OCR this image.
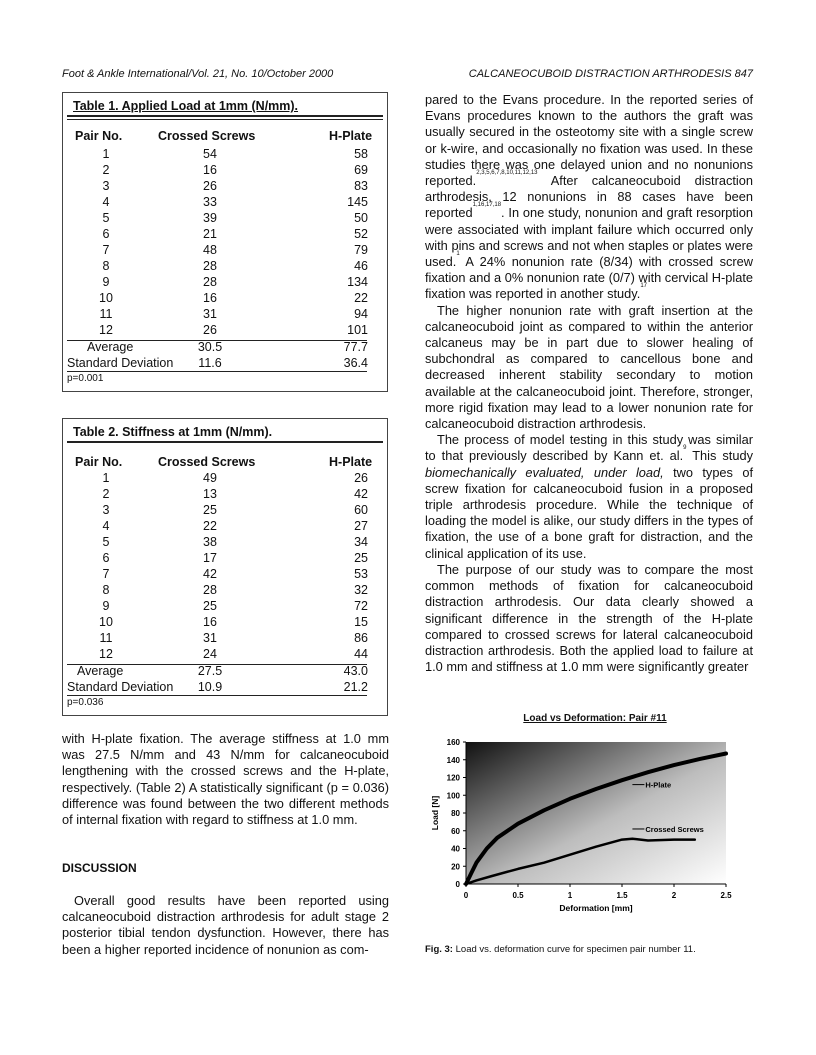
Foot & Ankle International/Vol. 21, No. 10/October 2000	CALCANEOCUBOID DISTRACTION ARTHRODESIS 847
Table 1. Applied Load at 1mm (N/mm).
Pair No.	Crossed Screws	H-Plate
1	54	58
2	16	69
3	26	83
4	33	145
5	39	50
6	21	52
7	48	79
8	28	46
9	28	134
10	16	22
11	31	94
12	26	101
Average	30.5	77.7
Standard Deviation	11.6	36.4
p=0.001
Table 2. Stiffness at 1mm (N/mm).
Pair No.	Crossed Screws	H-Plate
1	49	26
2	13	42
3	25	60
4	22	27
5	38	34
6	17	25
7	42	53
8	28	32
9	25	72
10	16	15
11	31	86
12	24	44
Average	27.5	43.0
Standard Deviation	10.9	21.2
p=0.036

with H-plate fixation. The average stiffness at 1.0 mm was 27.5 N/mm and 43 N/mm for calcaneocuboid lengthening with the crossed screws and the H-plate, respectively. (Table 2) A statistically significant (p = 0.036) difference was found between the two different methods of internal fixation with regard to stiffness at 1.0 mm.

DISCUSSION

Overall good results have been reported using calcaneocuboid distraction arthrodesis for adult stage 2 posterior tibial tendon dysfunction. However, there has been a higher reported incidence of nonunion as com-

pared to the Evans procedure. In the reported series of Evans procedures known to the authors the graft was usually secured in the osteotomy site with a single screw or k-wire, and occasionally no fixation was used. In these studies there was one delayed union and no nonunions reported.$^{2,3,5,6,7,8,10,11,12,13}$ After calcaneocuboid distraction arthrodesis, 12 nonunions in 88 cases have been reported$^{1,16,17,18}$. In one study, nonunion and graft resorption were associated with implant failure which occurred only with pins and screws and not when staples or plates were used.$^1$ A 24% nonunion rate (8/34) with crossed screw fixation and a 0% nonunion rate (0/7) with cervical H-plate fixation was reported in another study.$^{17}$

The higher nonunion rate with graft insertion at the calcaneocuboid joint as compared to within the anterior calcaneus may be in part due to slower healing of subchondral as compared to cancellous bone and decreased inherent stability secondary to motion available at the calcaneocuboid joint. Therefore, stronger, more rigid fixation may lead to a lower nonunion rate for calcaneocuboid distraction arthrodesis.

The process of model testing in this study was similar to that previously described by Kann et. al.$^9$ This study biomechanically evaluated, under load, two types of screw fixation for calcaneocuboid fusion in a proposed triple arthrodesis procedure. While the technique of loading the model is alike, our study differs in the types of fixation, the use of a bone graft for distraction, and the clinical application of its use.

The purpose of our study was to compare the most common methods of fixation for calcaneocuboid distraction arthrodesis. Our data clearly showed a significant difference in the strength of the H-plate compared to crossed screws for lateral calcaneocuboid distraction arthrodesis. Both the applied load to failure at 1.0 mm and stiffness at 1.0 mm were significantly greater

Load vs Deformation: Pair #11
0
20
40
60
80
100
120
140
160
0	0.5	1	1.5	2	2.5
Deformation [mm]
Load [N]
H-Plate
Crossed Screws
Fig. 3: Load vs. deformation curve for specimen pair number 11.
